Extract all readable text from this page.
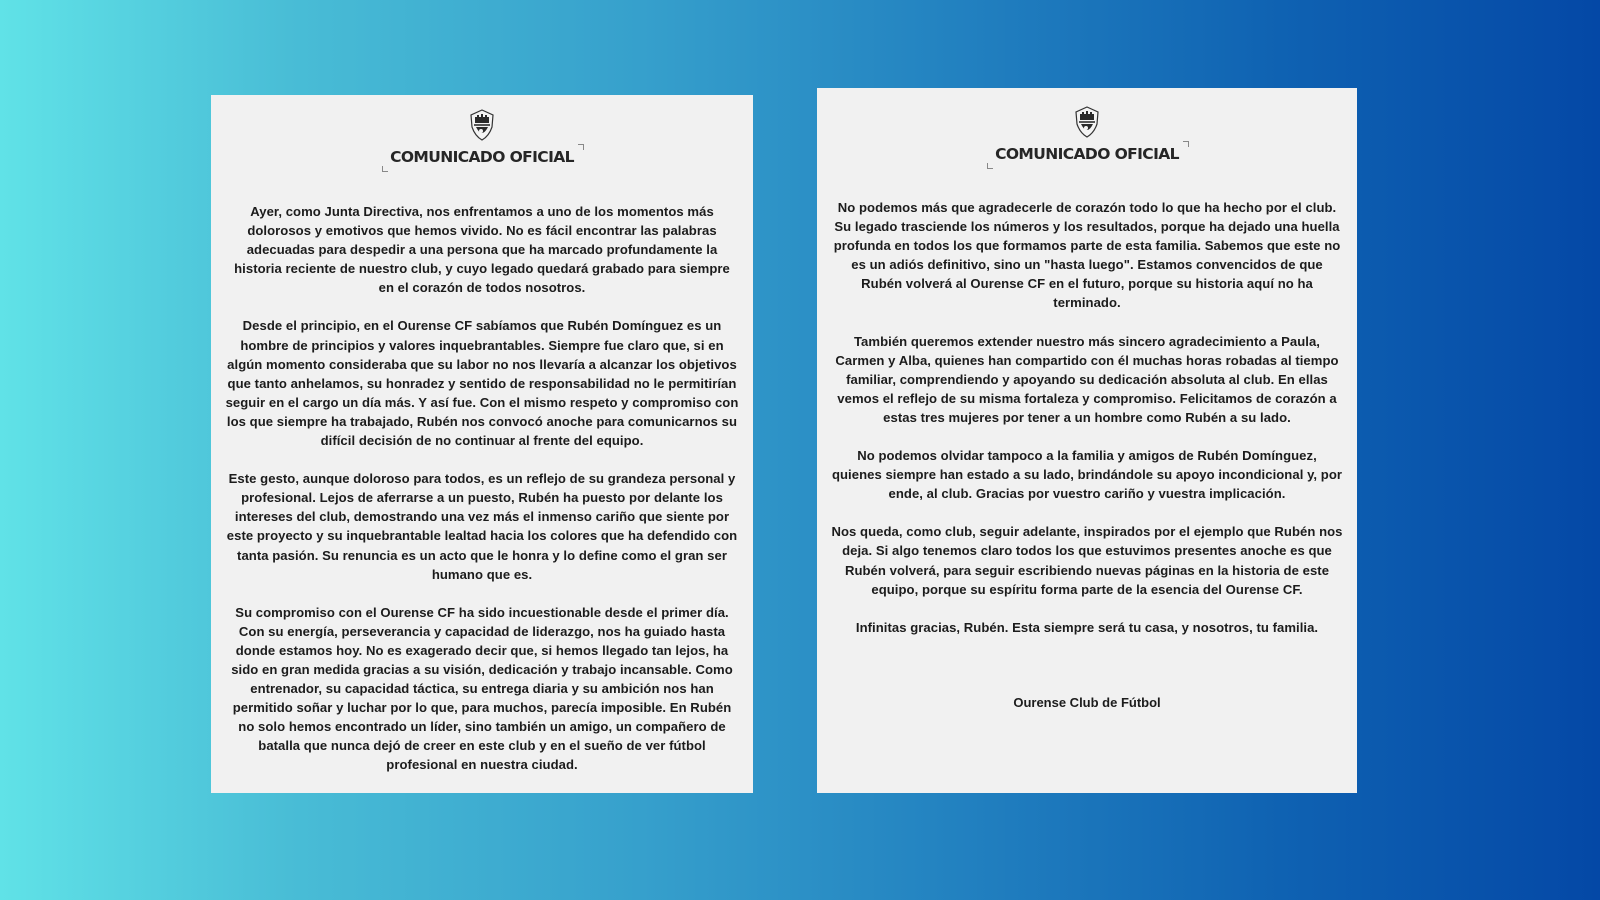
COMUNICADO OFICIAL

Ayer, como Junta Directiva, nos enfrentamos a uno de los momentos más dolorosos y emotivos que hemos vivido. No es fácil encontrar las palabras adecuadas para despedir a una persona que ha marcado profundamente la historia reciente de nuestro club, y cuyo legado quedará grabado para siempre en el corazón de todos nosotros.

Desde el principio, en el Ourense CF sabíamos que Rubén Domínguez es un hombre de principios y valores inquebrantables. Siempre fue claro que, si en algún momento consideraba que su labor no nos llevaría a alcanzar los objetivos que tanto anhelamos, su honradez y sentido de responsabilidad no le permitirían seguir en el cargo un día más. Y así fue. Con el mismo respeto y compromiso con los que siempre ha trabajado, Rubén nos convocó anoche para comunicarnos su difícil decisión de no continuar al frente del equipo.

Este gesto, aunque doloroso para todos, es un reflejo de su grandeza personal y profesional. Lejos de aferrarse a un puesto, Rubén ha puesto por delante los intereses del club, demostrando una vez más el inmenso cariño que siente por este proyecto y su inquebrantable lealtad hacia los colores que ha defendido con tanta pasión. Su renuncia es un acto que le honra y lo define como el gran ser humano que es.

Su compromiso con el Ourense CF ha sido incuestionable desde el primer día. Con su energía, perseverancia y capacidad de liderazgo, nos ha guiado hasta donde estamos hoy. No es exagerado decir que, si hemos llegado tan lejos, ha sido en gran medida gracias a su visión, dedicación y trabajo incansable. Como entrenador, su capacidad táctica, su entrega diaria y su ambición nos han permitido soñar y luchar por lo que, para muchos, parecía imposible. En Rubén no solo hemos encontrado un líder, sino también un amigo, un compañero de batalla que nunca dejó de creer en este club y en el sueño de ver fútbol profesional en nuestra ciudad.

COMUNICADO OFICIAL

No podemos más que agradecerle de corazón todo lo que ha hecho por el club. Su legado trasciende los números y los resultados, porque ha dejado una huella profunda en todos los que formamos parte de esta familia. Sabemos que este no es un adiós definitivo, sino un "hasta luego". Estamos convencidos de que Rubén volverá al Ourense CF en el futuro, porque su historia aquí no ha terminado.

También queremos extender nuestro más sincero agradecimiento a Paula, Carmen y Alba, quienes han compartido con él muchas horas robadas al tiempo familiar, comprendiendo y apoyando su dedicación absoluta al club. En ellas vemos el reflejo de su misma fortaleza y compromiso. Felicitamos de corazón a estas tres mujeres por tener a un hombre como Rubén a su lado.

No podemos olvidar tampoco a la familia y amigos de Rubén Domínguez, quienes siempre han estado a su lado, brindándole su apoyo incondicional y, por ende, al club. Gracias por vuestro cariño y vuestra implicación.

Nos queda, como club, seguir adelante, inspirados por el ejemplo que Rubén nos deja. Si algo tenemos claro todos los que estuvimos presentes anoche es que Rubén volverá, para seguir escribiendo nuevas páginas en la historia de este equipo, porque su espíritu forma parte de la esencia del Ourense CF.

Infinitas gracias, Rubén. Esta siempre será tu casa, y nosotros, tu familia.

Ourense Club de Fútbol
